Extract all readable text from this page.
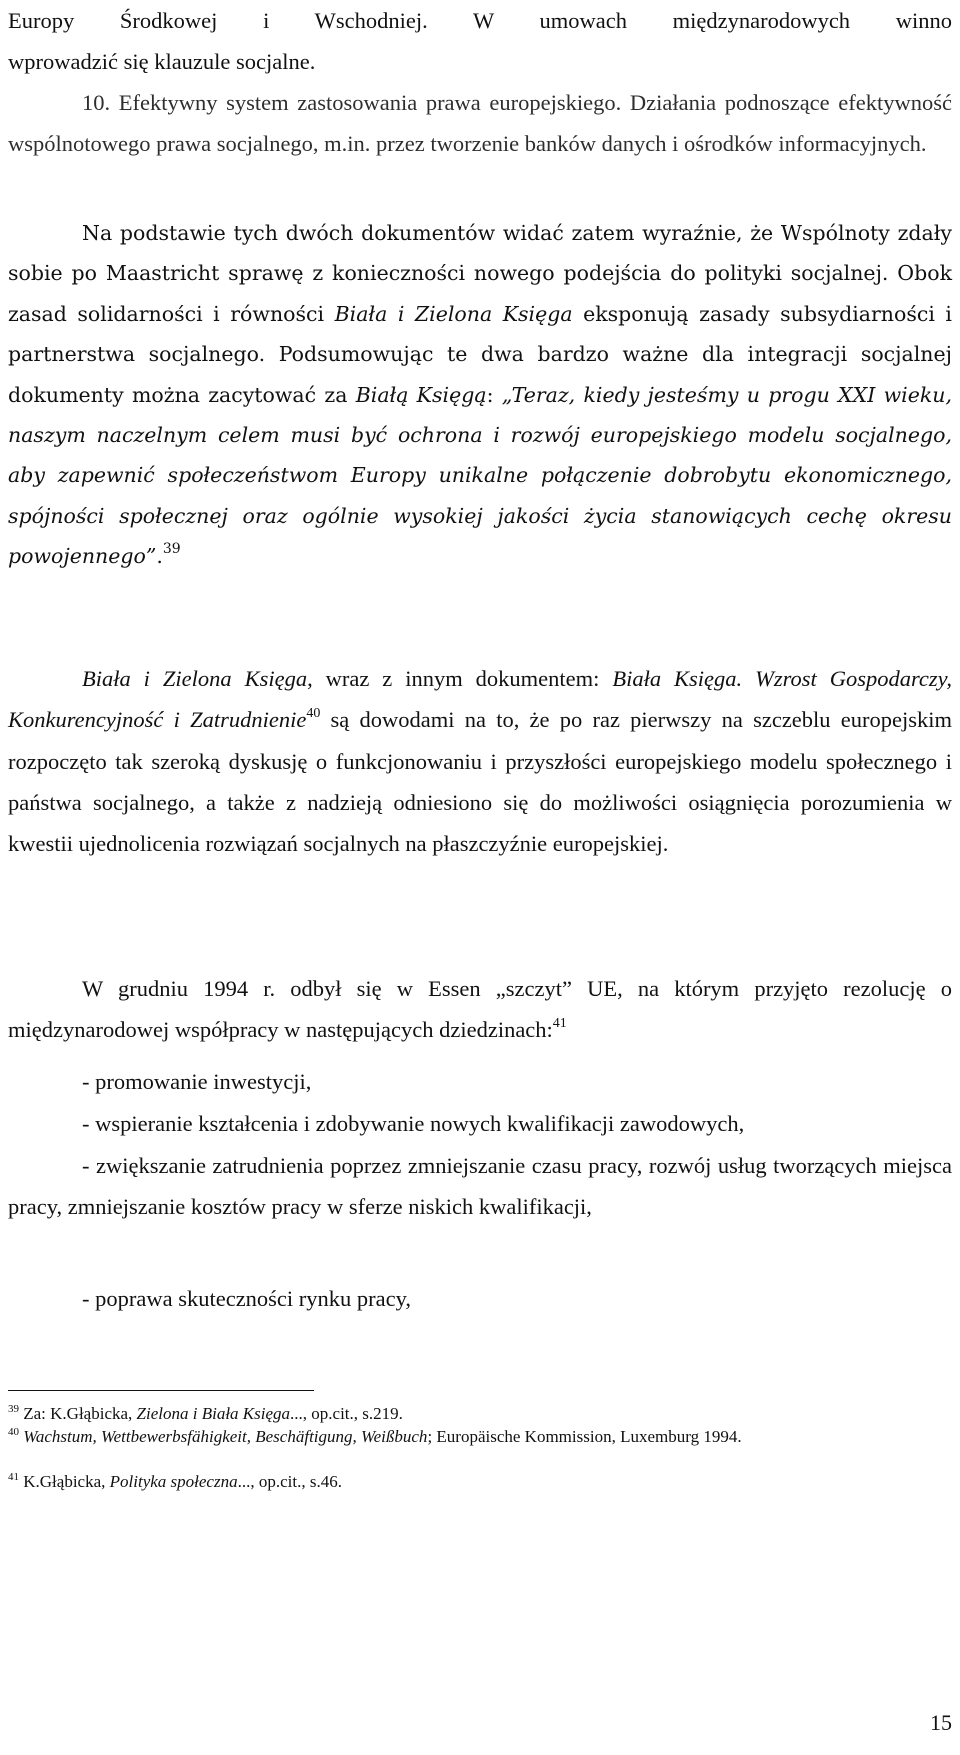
Europy Środkowej i Wschodniej. W umowach międzynarodowych winno
wprowadzić się klauzule socjalne.

10. Efektywny system zastosowania prawa europejskiego. Działania podnoszące efektywność wspólnotowego prawa socjalnego, m.in. przez tworzenie banków danych i ośrodków informacyjnych.

Na podstawie tych dwóch dokumentów widać zatem wyraźnie, że Wspólnoty zdały sobie po Maastricht sprawę z konieczności nowego podejścia do polityki socjalnej. Obok zasad solidarności i równości Biała i Zielona Księga eksponują zasady subsydiarności i partnerstwa socjalnego. Podsumowując te dwa bardzo ważne dla integracji socjalnej dokumenty można zacytować za Białą Księgą: „Teraz, kiedy jesteśmy u progu XXI wieku, naszym naczelnym celem musi być ochrona i rozwój europejskiego modelu socjalnego, aby zapewnić społeczeństwom Europy unikalne połączenie dobrobytu ekonomicznego, spójności społecznej oraz ogólnie wysokiej jakości życia stanowiących cechę okresu powojennego”.$^{39}$

Biała i Zielona Księga, wraz z innym dokumentem: Biała Księga. Wzrost Gospodarczy, Konkurencyjność i Zatrudnienie$^{40}$ są dowodami na to, że po raz pierwszy na szczeblu europejskim rozpoczęto tak szeroką dyskusję o funkcjonowaniu i przyszłości europejskiego modelu społecznego i państwa socjalnego, a także z nadzieją odniesiono się do możliwości osiągnięcia porozumienia w kwestii ujednolicenia rozwiązań socjalnych na płaszczyźnie europejskiej.

W grudniu 1994 r. odbył się w Essen „szczyt” UE, na którym przyjęto rezolucję o międzynarodowej współpracy w następujących dziedzinach:$^{41}$

- promowanie inwestycji,

- wspieranie kształcenia i zdobywanie nowych kwalifikacji zawodowych,

- zwiększanie zatrudnienia poprzez zmniejszanie czasu pracy, rozwój usług tworzących miejsca pracy, zmniejszanie kosztów pracy w sferze niskich kwalifikacji,

- poprawa skuteczności rynku pracy,

$^{39}$ Za: K.Głąbicka, Zielona i Biała Księga..., op.cit., s.219.

$^{40}$ Wachstum, Wettbewerbsfähigkeit, Beschäftigung, Weißbuch; Europäische Kommission, Luxemburg 1994.

$^{41}$ K.Głąbicka, Polityka społeczna..., op.cit., s.46.

15
